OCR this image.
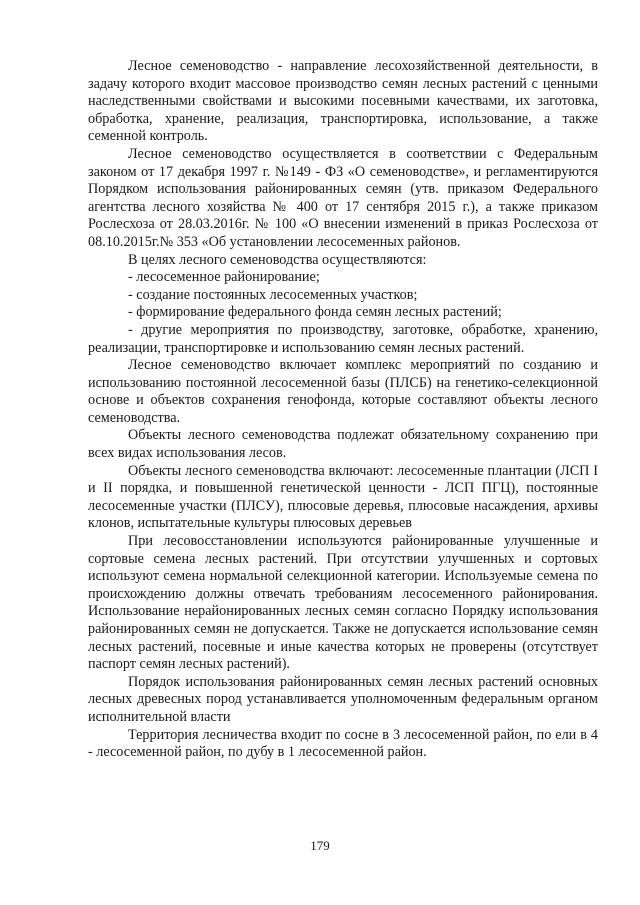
Лесное семеноводство - направление лесохозяйственной деятельности, в задачу которого входит массовое производство семян лесных растений с ценными наследственными свойствами и высокими посевными качествами, их заготовка, обработка, хранение, реализация, транспортировка, использование, а также семенной контроль.

Лесное семеноводство осуществляется в соответствии с Федеральным законом от 17 декабря 1997 г. №149 - ФЗ «О семеноводстве», и регламентируются Порядком использования районированных семян (утв. приказом Федерального агентства лесного хозяйства № 400 от 17 сентября 2015 г.), а также приказом Рослесхоза от 28.03.2016г. № 100 «О внесении изменений в приказ Рослесхоза от 08.10.2015г.№ 353 «Об установлении лесосеменных районов.

В целях лесного семеноводства осуществляются:

- лесосеменное районирование;

- создание постоянных лесосеменных участков;

- формирование федерального фонда семян лесных растений;

- другие мероприятия по производству, заготовке, обработке, хранению, реализации, транспортировке и использованию семян лесных растений.

Лесное семеноводство включает комплекс мероприятий по созданию и использованию постоянной лесосеменной базы (ПЛСБ) на генетико-селекционной основе и объектов сохранения генофонда, которые составляют объекты лесного семеноводства.

Объекты лесного семеноводства подлежат обязательному сохранению при всех видах использования лесов.

Объекты лесного семеноводства включают: лесосеменные плантации (ЛСП I и II порядка, и повышенной генетической ценности - ЛСП ПГЦ), постоянные лесосеменные участки (ПЛСУ), плюсовые деревья, плюсовые насаждения, архивы клонов, испытательные культуры плюсовых деревьев

При лесовосстановлении используются районированные улучшенные и сортовые семена лесных растений. При отсутствии улучшенных и сортовых используют семена нормальной селекционной категории. Используемые семена по происхождению должны отвечать требованиям лесосеменного районирования. Использование нерайонированных лесных семян согласно Порядку использования районированных семян не допускается. Также не допускается использование семян лесных растений, посевные и иные качества которых не проверены (отсутствует паспорт семян лесных растений).

Порядок использования районированных семян лесных растений основных лесных древесных пород устанавливается уполномоченным федеральным органом исполнительной власти

Территория лесничества входит по сосне в 3 лесосеменной район, по ели в 4 - лесосеменной район, по дубу в 1 лесосеменной район.

179
